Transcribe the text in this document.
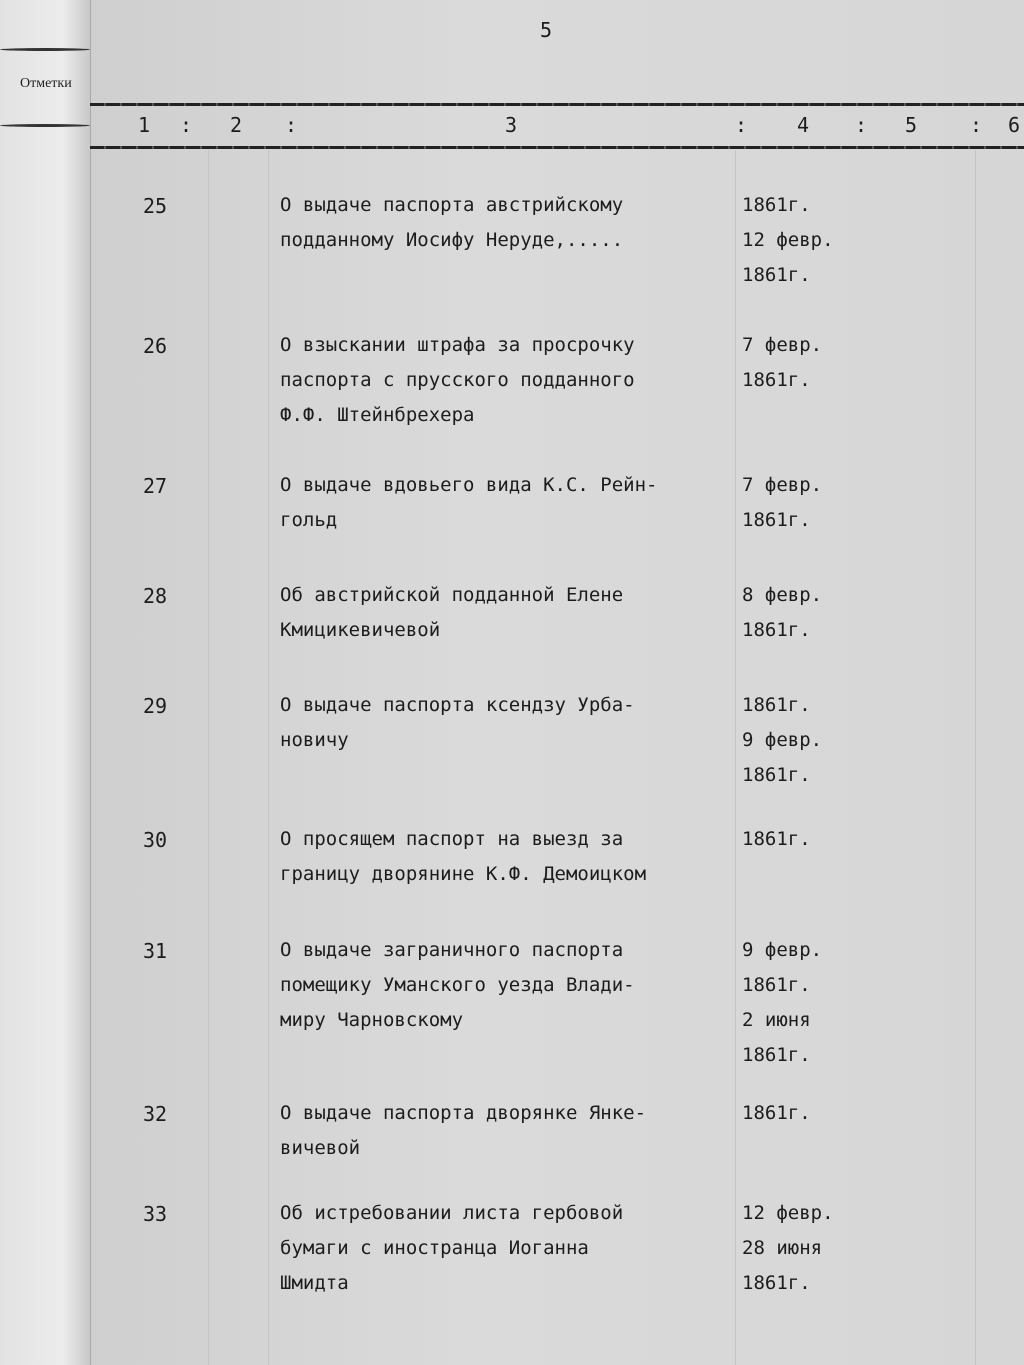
Отметки
5
1 : 2 :	3	: 4 : 5	: 6
25	О выдаче паспорта австрийскому
подданному Иосифу Неруде,.....
1861г.
12 февр.
1861г.
26	О взыскании штрафа за просрочку
паспорта с прусского подданного
Ф.Ф. Штейнбрехера
7 февр.
1861г.
27	О выдаче вдовьего вида К.С. Рейн-
гольд
7 февр.
1861г.
28	Об австрийской подданной Елене
Кмицикевичевой
8 февр.
1861г.
29	О выдаче паспорта ксендзу Урба-
новичу
1861г.
9 февр.
1861г.
30	О просящем паспорт на выезд за
границу дворянине К.Ф. Демоицком
1861г.
31	О выдаче заграничного паспорта
помещику Уманского уезда Влади-
миру Чарновскому
9 февр.
1861г.
2 июня
1861г.
32	О выдаче паспорта дворянке Янке-
вичевой
1861г.
33	Об истребовании листа гербовой
бумаги с иностранца Иоганна
Шмидта
12 февр.
28 июня
1861г.
